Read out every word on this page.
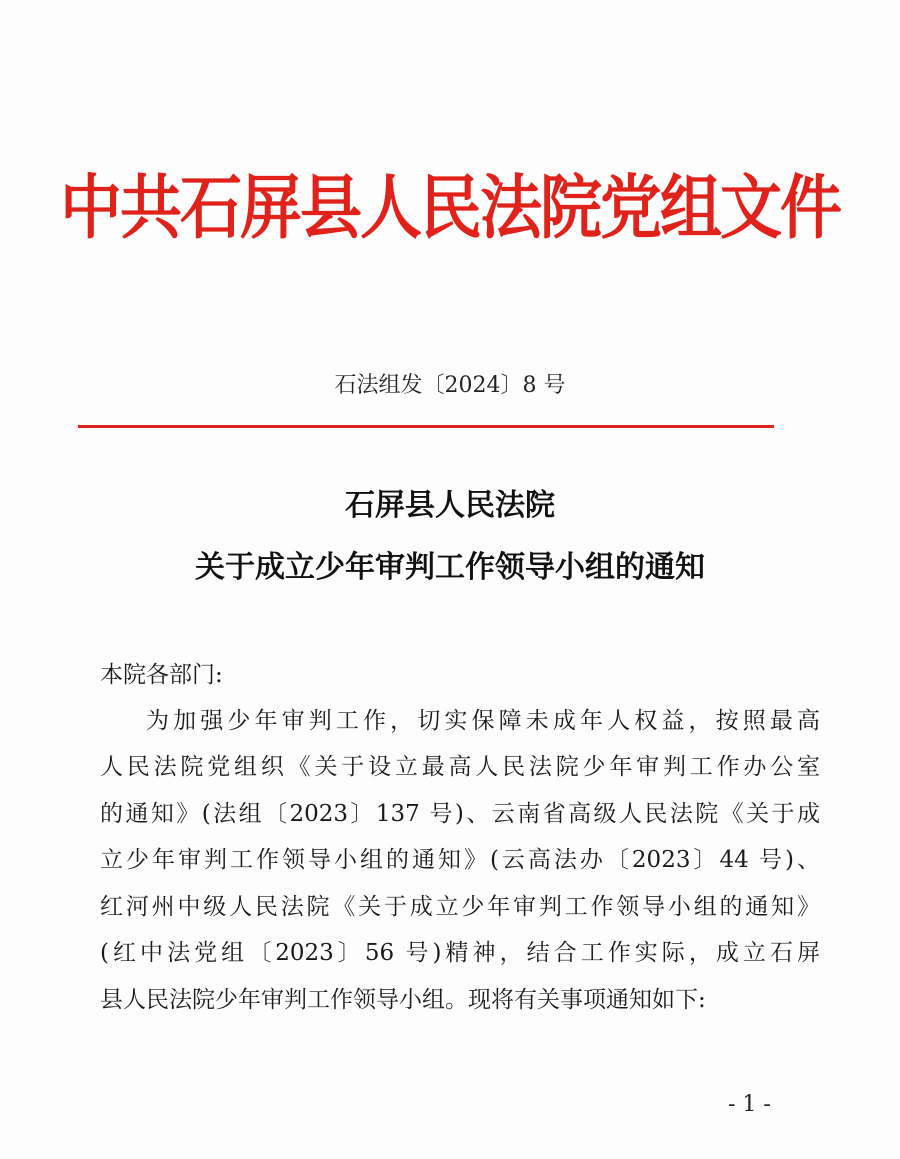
中共石屏县人民法院党组文件
石法组发〔2024〕8 号
石屏县人民法院
关于成立少年审判工作领导小组的通知
本院各部门:
为加强少年审判工作，切实保障未成年人权益，按照最高
人民法院党组织《关于设立最高人民法院少年审判工作办公室
的通知》(法组〔2023〕137 号)、云南省高级人民法院《关于成
立少年审判工作领导小组的通知》(云高法办〔2023〕44 号)、
红河州中级人民法院《关于成立少年审判工作领导小组的通知》
(红中法党组〔2023〕56 号)精神，结合工作实际，成立石屏
县人民法院少年审判工作领导小组。现将有关事项通知如下:
- 1 -
